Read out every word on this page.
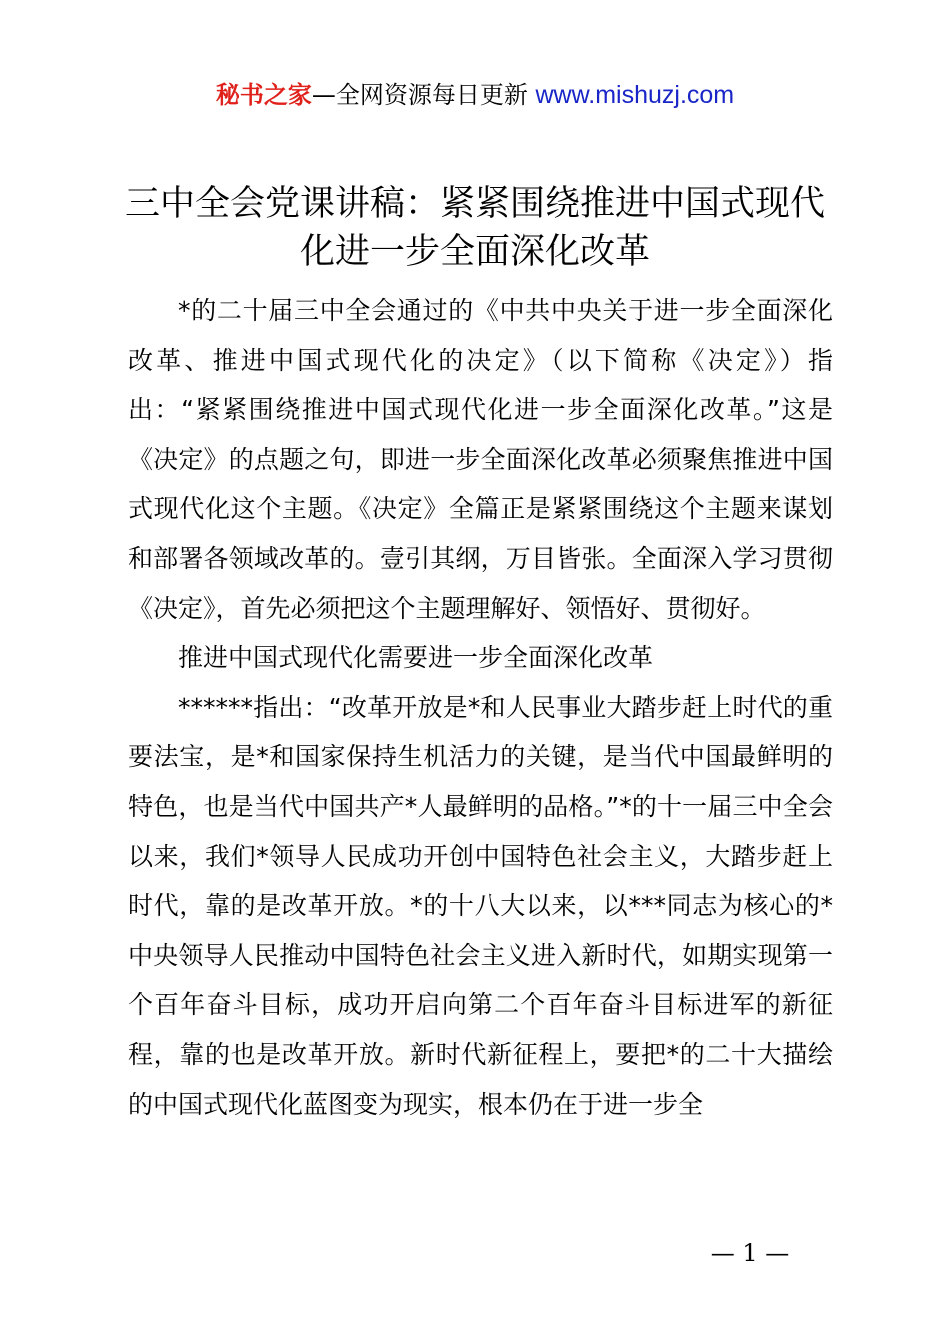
秘书之家—全网资源每日更新 www.mishuzj.com
三中全会党课讲稿：紧紧围绕推进中国式现代化进一步全面深化改革

*的二十届三中全会通过的《中共中央关于进一步全面深化改革、推进中国式现代化的决定》（以下简称《决定》）指出：“紧紧围绕推进中国式现代化进一步全面深化改革。”这是《决定》的点题之句，即进一步全面深化改革必须聚焦推进中国式现代化这个主题。《决定》全篇正是紧紧围绕这个主题来谋划和部署各领域改革的。壹引其纲，万目皆张。全面深入学习贯彻《决定》，首先必须把这个主题理解好、领悟好、贯彻好。

推进中国式现代化需要进一步全面深化改革

******指出：“改革开放是*和人民事业大踏步赶上时代的重要法宝，是*和国家保持生机活力的关键，是当代中国最鲜明的特色，也是当代中国共产*人最鲜明的品格。”*的十一届三中全会以来，我们*领导人民成功开创中国特色社会主义，大踏步赶上时代，靠的是改革开放。*的十八大以来，以***同志为核心的*中央领导人民推动中国特色社会主义进入新时代，如期实现第一个百年奋斗目标，成功开启向第二个百年奋斗目标进军的新征程，靠的也是改革开放。新时代新征程上，要把*的二十大描绘的中国式现代化蓝图变为现实，根本仍在于进一步全

— 1 —
